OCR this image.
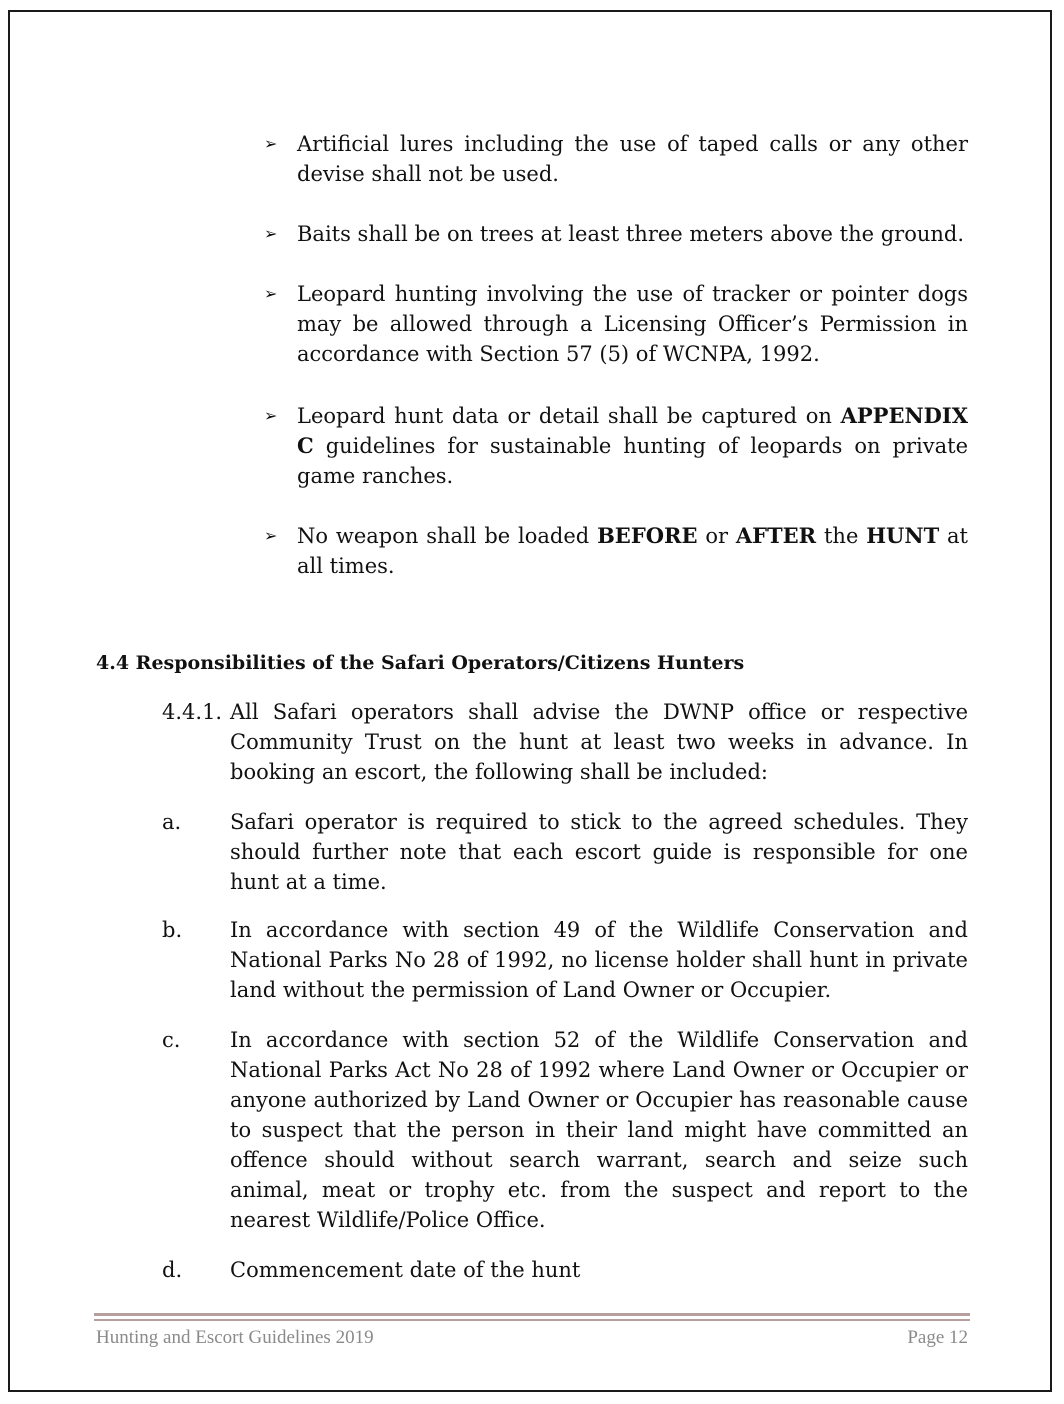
➢ Artificial lures including the use of taped calls or any other devise shall not be used.
➢ Baits shall be on trees at least three meters above the ground.
➢ Leopard hunting involving the use of tracker or pointer dogs may be allowed through a Licensing Officer’s Permission in accordance with Section 57 (5) of WCNPA, 1992.
➢ Leopard hunt data or detail shall be captured on APPENDIX C guidelines for sustainable hunting of leopards on private game ranches.
➢ No weapon shall be loaded BEFORE or AFTER the HUNT at all times.
4.4 Responsibilities of the Safari Operators/Citizens Hunters
4.4.1. All Safari operators shall advise the DWNP office or respective Community Trust on the hunt at least two weeks in advance. In booking an escort, the following shall be included:
a. Safari operator is required to stick to the agreed schedules. They should further note that each escort guide is responsible for one hunt at a time.
b. In accordance with section 49 of the Wildlife Conservation and National Parks No 28 of 1992, no license holder shall hunt in private land without the permission of Land Owner or Occupier.
c. In accordance with section 52 of the Wildlife Conservation and National Parks Act No 28 of 1992 where Land Owner or Occupier or anyone authorized by Land Owner or Occupier has reasonable cause to suspect that the person in their land might have committed an offence should without search warrant, search and seize such animal, meat or trophy etc. from the suspect and report to the nearest Wildlife/Police Office.
d. Commencement date of the hunt
Hunting and Escort Guidelines 2019	Page 12
